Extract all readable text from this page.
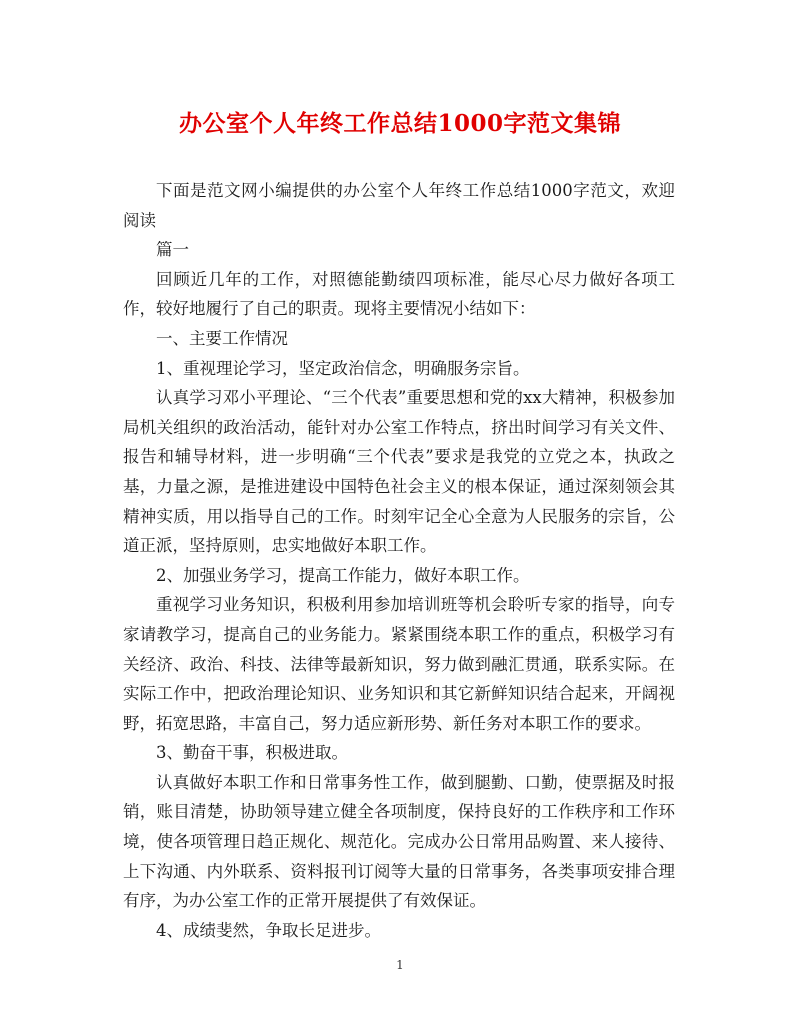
办公室个人年终工作总结1000字范文集锦

下面是范文网小编提供的办公室个人年终工作总结1000字范文，欢迎阅读

篇一

回顾近几年的工作，对照德能勤绩四项标准，能尽心尽力做好各项工作，较好地履行了自己的职责。现将主要情况小结如下：

一、主要工作情况

1、重视理论学习，坚定政治信念，明确服务宗旨。

认真学习邓小平理论、“三个代表”重要思想和党的xx大精神，积极参加局机关组织的政治活动，能针对办公室工作特点，挤出时间学习有关文件、报告和辅导材料，进一步明确“三个代表”要求是我党的立党之本，执政之基，力量之源，是推进建设中国特色社会主义的根本保证，通过深刻领会其精神实质，用以指导自己的工作。时刻牢记全心全意为人民服务的宗旨，公道正派，坚持原则，忠实地做好本职工作。

2、加强业务学习，提高工作能力，做好本职工作。

重视学习业务知识，积极利用参加培训班等机会聆听专家的指导，向专家请教学习，提高自己的业务能力。紧紧围绕本职工作的重点，积极学习有关经济、政治、科技、法律等最新知识，努力做到融汇贯通，联系实际。在实际工作中，把政治理论知识、业务知识和其它新鲜知识结合起来，开阔视野，拓宽思路，丰富自己，努力适应新形势、新任务对本职工作的要求。

3、勤奋干事，积极进取。

认真做好本职工作和日常事务性工作，做到腿勤、口勤，使票据及时报销，账目清楚，协助领导建立健全各项制度，保持良好的工作秩序和工作环境，使各项管理日趋正规化、规范化。完成办公日常用品购置、来人接待、上下沟通、内外联系、资料报刊订阅等大量的日常事务，各类事项安排合理有序，为办公室工作的正常开展提供了有效保证。

4、成绩斐然，争取长足进步。

1
